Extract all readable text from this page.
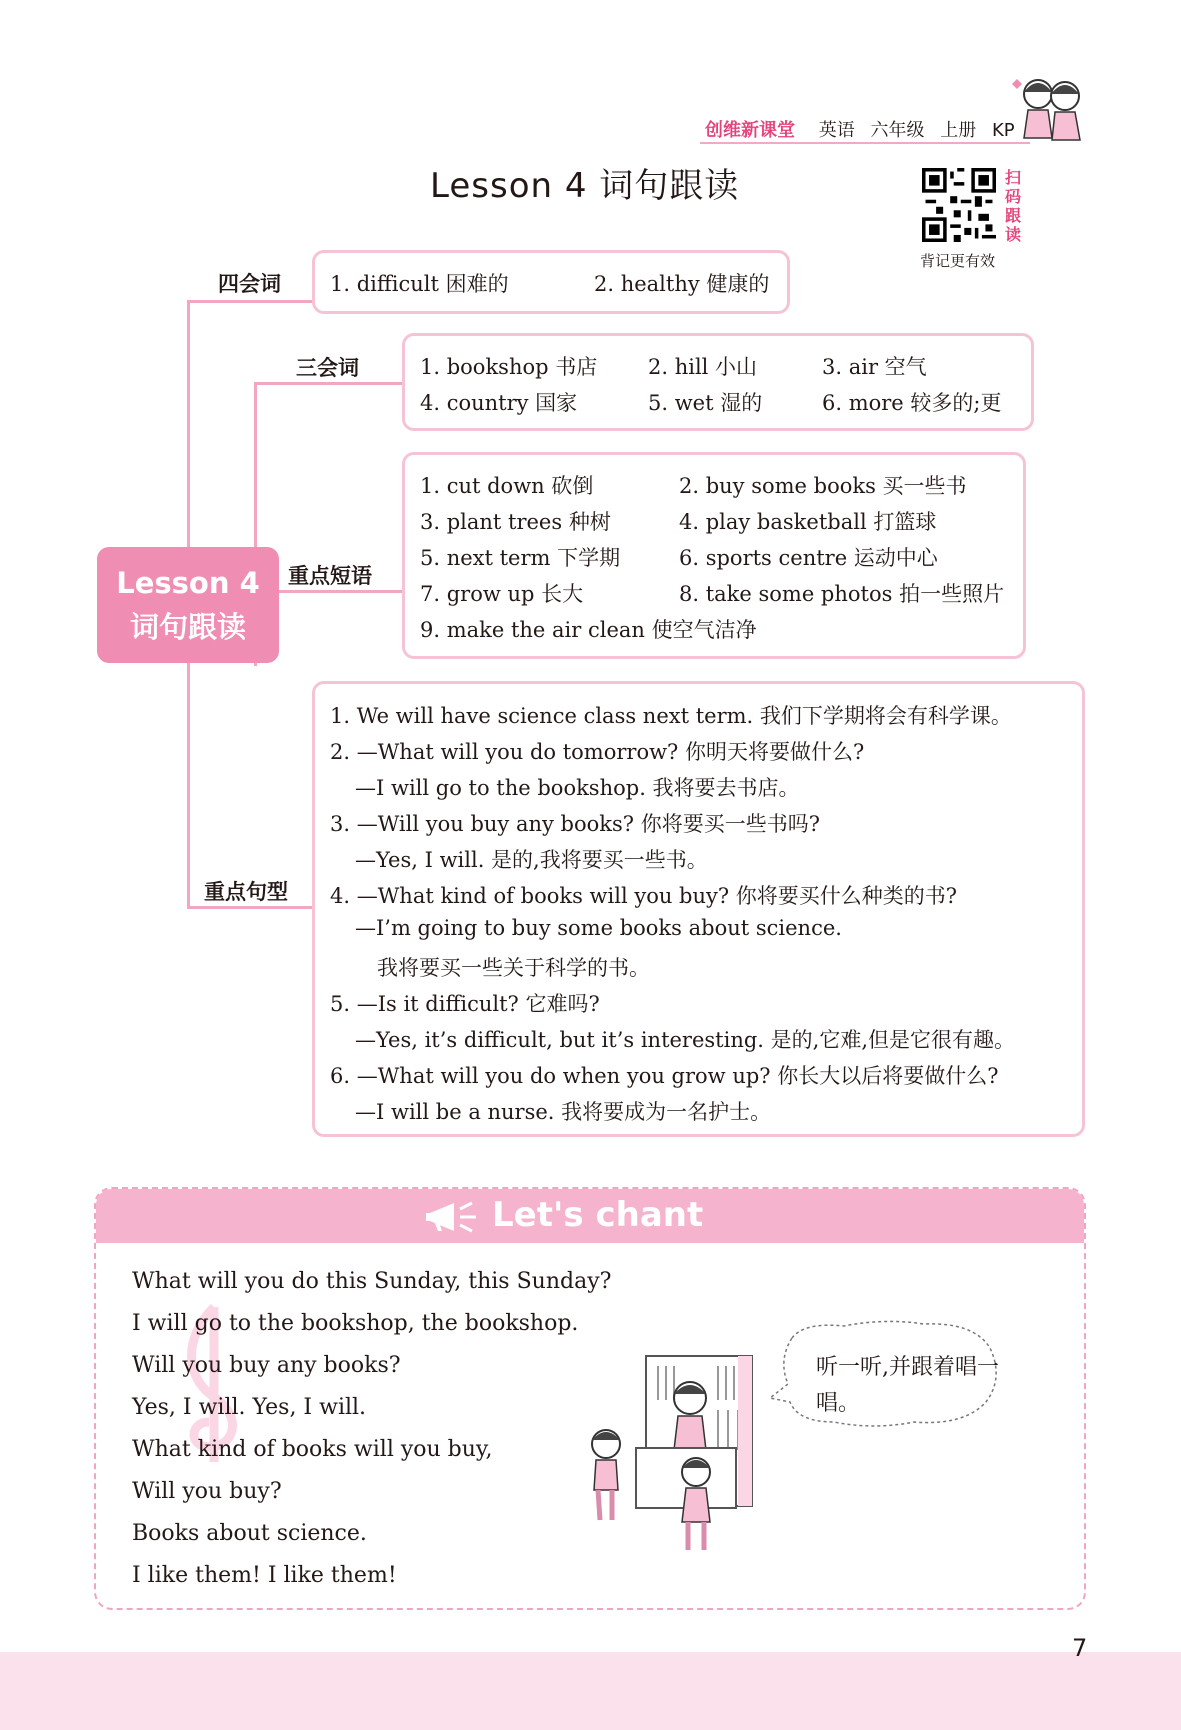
创维新课堂 英语 六年级 上册 KP
Lesson 4 词句跟读	扫码跟读
背记更有效
四会词
三会词
重点短语
重点句型
Lesson 4
词句跟读
1. difficult 困难的	2. healthy 健康的
1. bookshop 书店 2. hill 小山	3. air 空气
4. country 国家	5. wet 湿的	6. more 较多的;更
1. cut down 砍倒	2. buy some books 买一些书
3. plant trees 种树	4. play basketball 打篮球
5. next term 下学期	6. sports centre 运动中心
7. grow up 长大	8. take some photos 拍一些照片
9. make the air clean 使空气洁净
1. We will have science class next term. 我们下学期将会有科学课。
2. —What will you do tomorrow? 你明天将要做什么?
—I will go to the bookshop. 我将要去书店。
3. —Will you buy any books? 你将要买一些书吗?
—Yes, I will. 是的,我将要买一些书。
4. —What kind of books will you buy? 你将要买什么种类的书?
—I’m going to buy some books about science.
我将要买一些关于科学的书。
5. —Is it difficult? 它难吗?
—Yes, it’s difficult, but it’s interesting. 是的,它难,但是它很有趣。
6. —What will you do when you grow up? 你长大以后将要做什么?
—I will be a nurse. 我将要成为一名护士。
Let's chant
What will you do this Sunday, this Sunday?
I will go to the bookshop, the bookshop.
Will you buy any books?
Yes, I will. Yes, I will.
What kind of books will you buy,
Will you buy?
Books about science.
I like them! I like them!
听一听,并跟着唱一唱。
7
